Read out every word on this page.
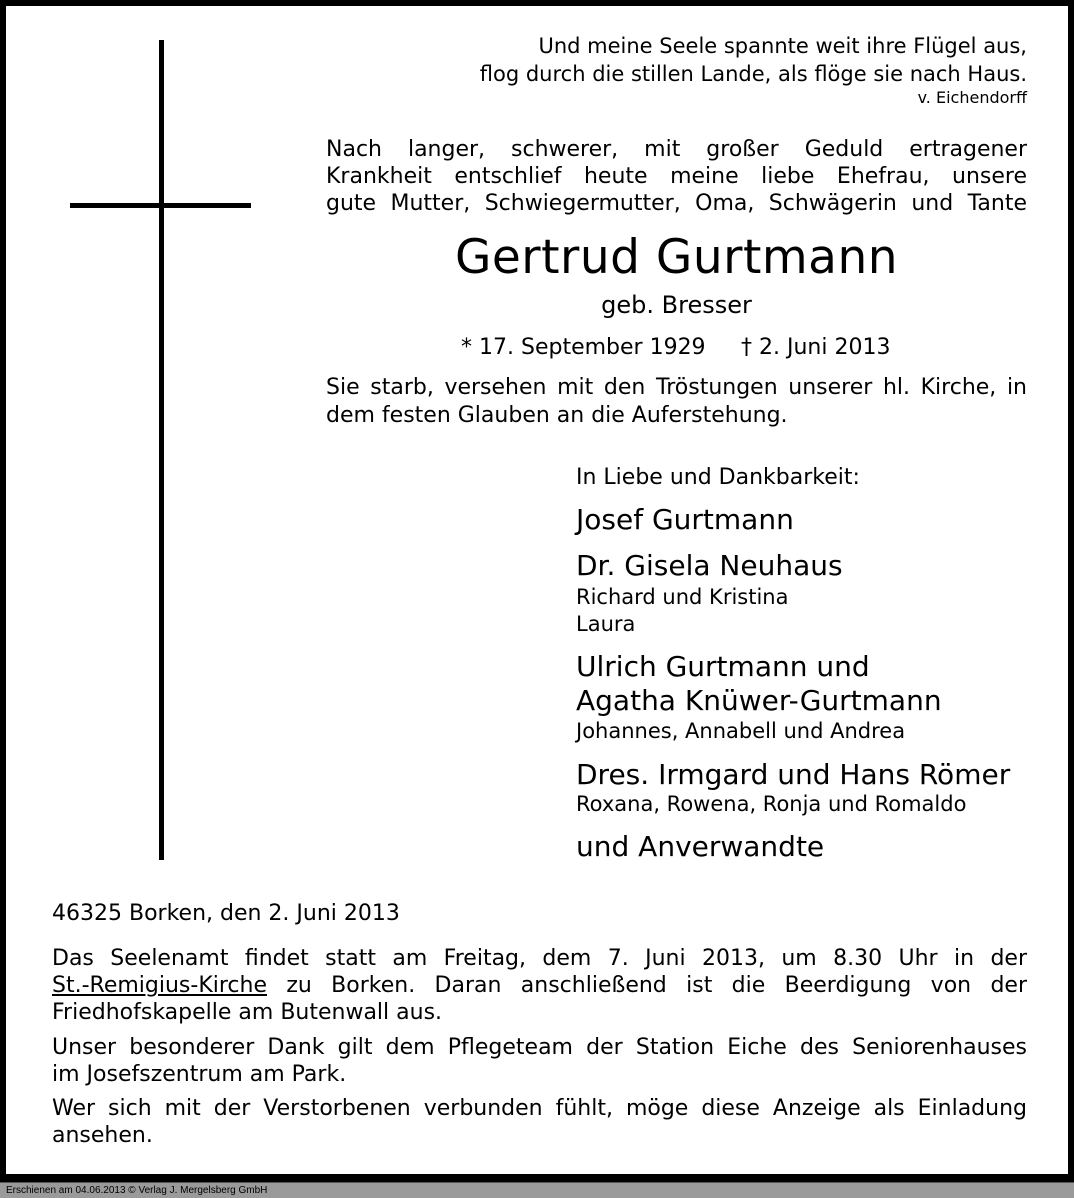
Und meine Seele spannte weit ihre Flügel aus,
flog durch die stillen Lande, als flöge sie nach Haus.
v. Eichendorff
Nach langer, schwerer, mit großer Geduld ertragener
Krankheit entschlief heute meine liebe Ehefrau, unsere
gute Mutter, Schwiegermutter, Oma, Schwägerin und Tante
Gertrud Gurtmann
geb. Bresser
* 17. September 1929 † 2. Juni 2013
Sie starb, versehen mit den Tröstungen unserer hl. Kirche, in
dem festen Glauben an die Auferstehung.
In Liebe und Dankbarkeit:
Josef Gurtmann
Dr. Gisela Neuhaus
Richard und Kristina
Laura
Ulrich Gurtmann und
Agatha Knüwer-Gurtmann
Johannes, Annabell und Andrea
Dres. Irmgard und Hans Römer
Roxana, Rowena, Ronja und Romaldo
und Anverwandte
46325 Borken, den 2. Juni 2013
Das Seelenamt findet statt am Freitag, dem 7. Juni 2013, um 8.30 Uhr in der
St.-Remigius-Kirche zu Borken. Daran anschließend ist die Beerdigung von der
Friedhofskapelle am Butenwall aus.
Unser besonderer Dank gilt dem Pflegeteam der Station Eiche des Seniorenhauses
im Josefszentrum am Park.
Wer sich mit der Verstorbenen verbunden fühlt, möge diese Anzeige als Einladung
ansehen.
Erschienen am 04.06.2013 © Verlag J. Mergelsberg GmbH
